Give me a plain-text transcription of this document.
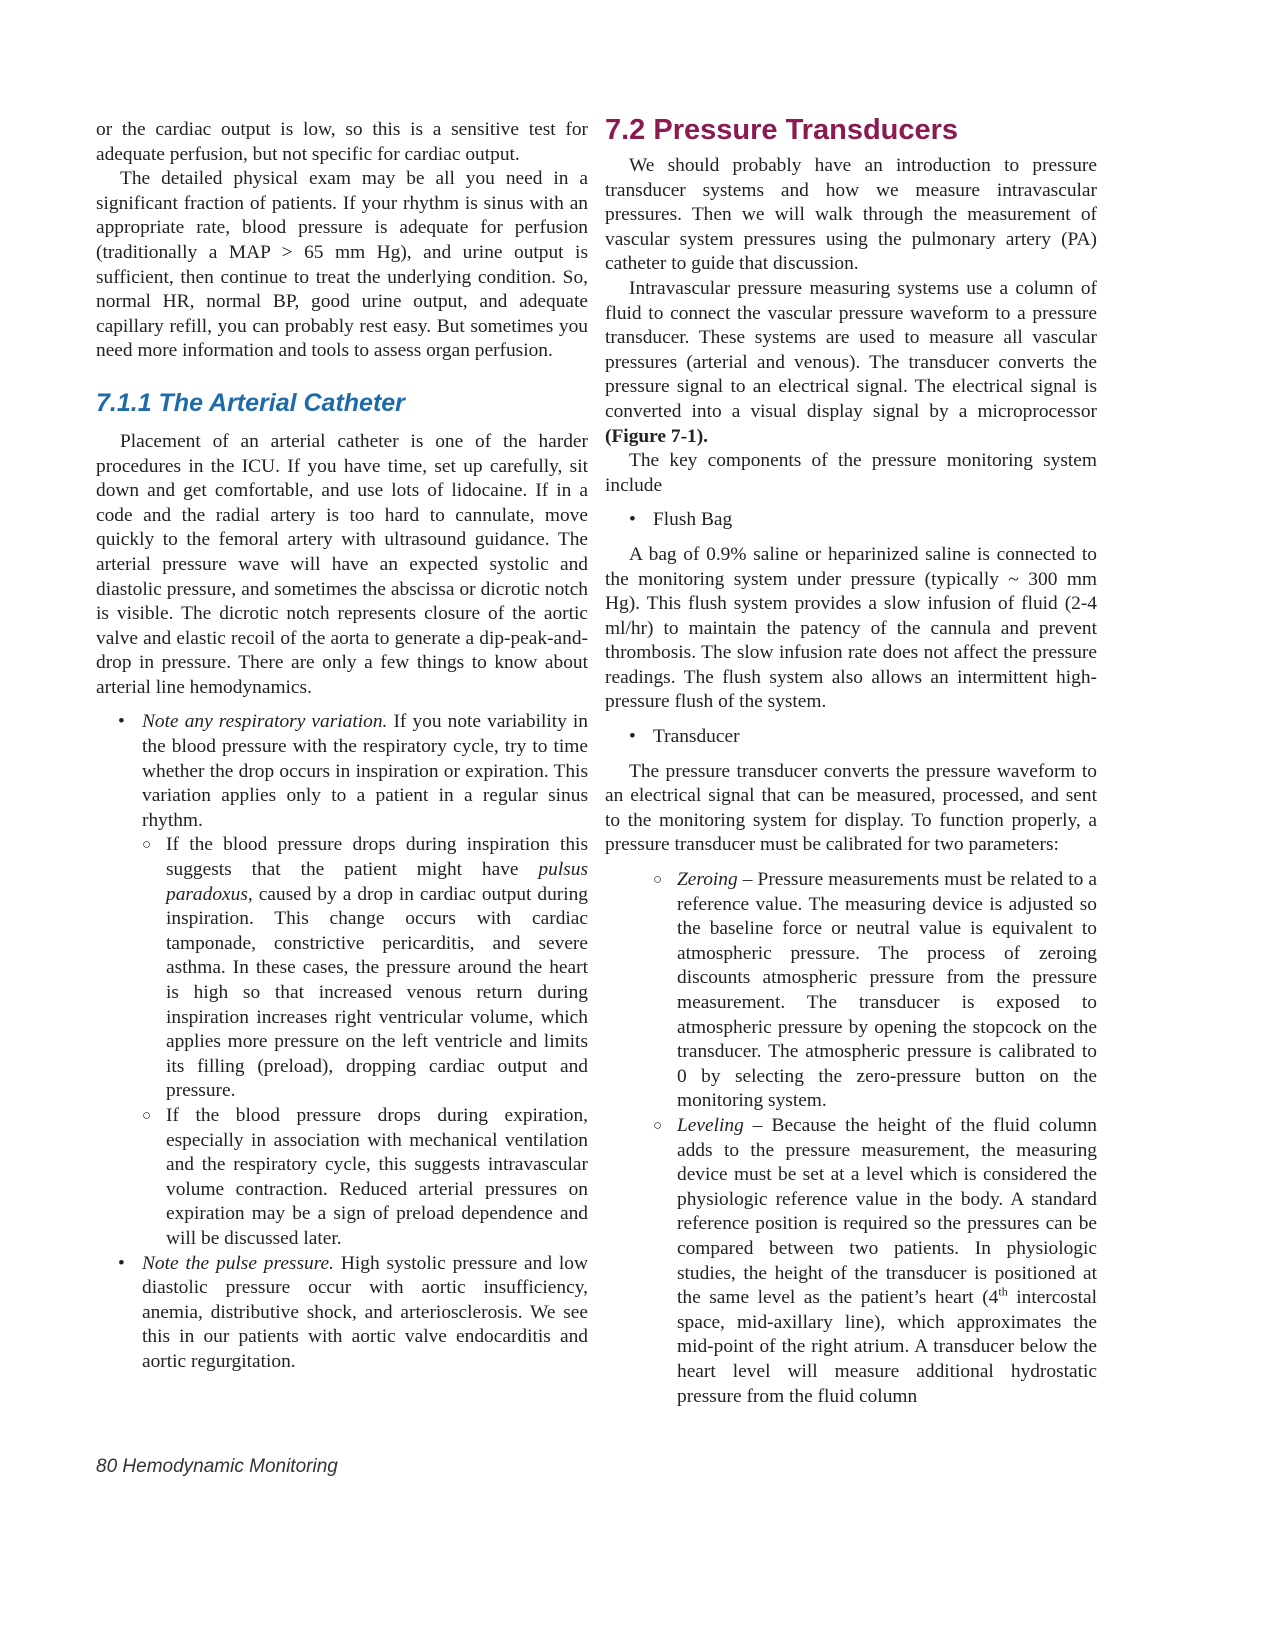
or the cardiac output is low, so this is a sensitive test for adequate perfusion, but not specific for cardiac output.

The detailed physical exam may be all you need in a significant fraction of patients. If your rhythm is sinus with an appropriate rate, blood pressure is adequate for perfusion (traditionally a MAP > 65 mm Hg), and urine output is sufficient, then continue to treat the underlying condition. So, normal HR, normal BP, good urine output, and adequate capillary refill, you can probably rest easy. But sometimes you need more information and tools to assess organ perfusion.

7.1.1 The Arterial Catheter

Placement of an arterial catheter is one of the harder procedures in the ICU. If you have time, set up carefully, sit down and get comfortable, and use lots of lidocaine. If in a code and the radial artery is too hard to cannulate, move quickly to the femoral artery with ultrasound guidance. The arterial pressure wave will have an expected systolic and diastolic pressure, and sometimes the abscissa or dicrotic notch is visible. The dicrotic notch represents closure of the aortic valve and elastic recoil of the aorta to generate a dip-peak-and-drop in pressure. There are only a few things to know about arterial line hemodynamics.

• Note any respiratory variation. If you note variability in the blood pressure with the respiratory cycle, try to time whether the drop occurs in inspiration or expiration. This variation applies only to a patient in a regular sinus rhythm.
○ If the blood pressure drops during inspiration this suggests that the patient might have pulsus paradoxus, caused by a drop in cardiac output during inspiration. This change occurs with cardiac tamponade, constrictive pericarditis, and severe asthma. In these cases, the pressure around the heart is high so that increased venous return during inspiration increases right ventricular volume, which applies more pressure on the left ventricle and limits its filling (preload), dropping cardiac output and pressure.
○ If the blood pressure drops during expiration, especially in association with mechanical ventilation and the respiratory cycle, this suggests intravascular volume contraction. Reduced arterial pressures on expiration may be a sign of preload dependence and will be discussed later.
• Note the pulse pressure. High systolic pressure and low diastolic pressure occur with aortic insufficiency, anemia, distributive shock, and arteriosclerosis. We see this in our patients with aortic valve endocarditis and aortic regurgitation.
7.2 Pressure Transducers

We should probably have an introduction to pressure transducer systems and how we measure intravascular pressures. Then we will walk through the measurement of vascular system pressures using the pulmonary artery (PA) catheter to guide that discussion.

Intravascular pressure measuring systems use a column of fluid to connect the vascular pressure waveform to a pressure transducer. These systems are used to measure all vascular pressures (arterial and venous). The transducer converts the pressure signal to an electrical signal. The electrical signal is converted into a visual display signal by a microprocessor (Figure 7-1).

The key components of the pressure monitoring system include

• Flush Bag

A bag of 0.9% saline or heparinized saline is connected to the monitoring system under pressure (typically ~ 300 mm Hg). This flush system provides a slow infusion of fluid (2-4 ml/hr) to maintain the patency of the cannula and prevent thrombosis. The slow infusion rate does not affect the pressure readings. The flush system also allows an intermittent high-pressure flush of the system.

• Transducer

The pressure transducer converts the pressure waveform to an electrical signal that can be measured, processed, and sent to the monitoring system for display. To function properly, a pressure transducer must be calibrated for two parameters:

○ Zeroing – Pressure measurements must be related to a reference value. The measuring device is adjusted so the baseline force or neutral value is equivalent to atmospheric pressure. The process of zeroing discounts atmospheric pressure from the pressure measurement. The transducer is exposed to atmospheric pressure by opening the stopcock on the transducer. The atmospheric pressure is calibrated to 0 by selecting the zero-pressure button on the monitoring system.
○ Leveling – Because the height of the fluid column adds to the pressure measurement, the measuring device must be set at a level which is considered the physiologic reference value in the body. A standard reference position is required so the pressures can be compared between two patients. In physiologic studies, the height of the transducer is positioned at the same level as the patient’s heart (4th intercostal space, mid-axillary line), which approximates the mid-point of the right atrium. A transducer below the heart level will measure additional hydrostatic pressure from the fluid column
80 Hemodynamic Monitoring
